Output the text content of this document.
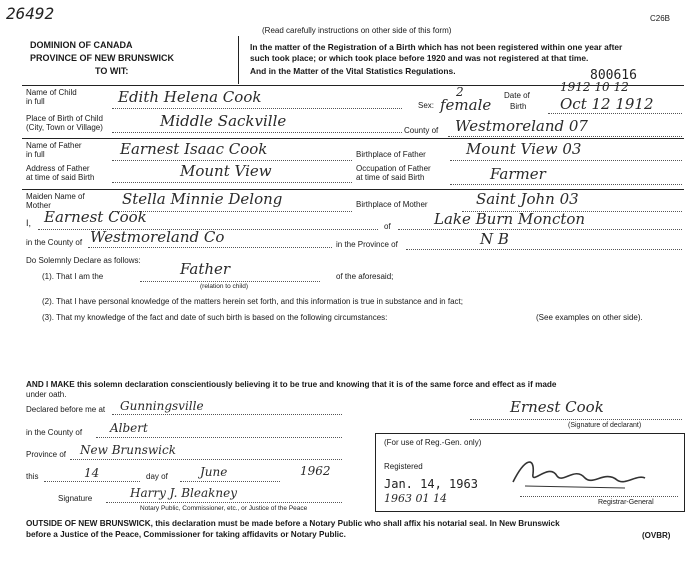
26492	C26B
DOMINION OF CANADA
PROVINCE OF NEW BRUNSWICK
TO WIT:
(Read carefully instructions on other side of this form)
In the matter of the Registration of a Birth which has not been registered within one year after
such took place; or which took place before 1920 and was not registered at that time.
And in the Matter of the Vital Statistics Regulations.	800616
Name of Child
in full	Edith Helena Cook	Sex:
2
female
Date of
Birth
1912 10 12
Oct 12 1912
Place of Birth of Child
(City, Town or Village)	Middle Sackville
County of Westmoreland 07
Name of Father
in full	Earnest Isaac Cook	Birthplace of Father	Mount View 03
Address of Father
at time of said Birth	Mount View	Occupation of Father
at time of said Birth	Farmer
Maiden Name of
Mother	Stella Minnie Delong	Birthplace of Mother	Saint John 03
I, Earnest Cook
of	Lake Burn Moncton
in the County of Westmoreland Co	in the Province of	N B
Do Solemnly Declare as follows:
(1). That I am the	Father
(relation to child)
of the aforesaid;
(2). That I have personal knowledge of the matters herein set forth, and this information is true in substance and in fact;
(3). That my knowledge of the fact and date of such birth is based on the following circumstances:	(See examples on other side).
AND I MAKE this solemn declaration conscientiously believing it to be true and knowing that it is of the same force and effect as if made
under oath.
Declared before me at Gunningsville	Ernest Cook
(Signature of declarant)
in the County of Albert
Province of New Brunswick
this	14	day of	June	1962
Signature	Harry J. Bleakney
Notary Public, Commissioner, etc., or Justice of the Peace
(For use of Reg.-Gen. only)
Registered
Jan. 14, 1963
1963 01 14	Registrar-General
OUTSIDE OF NEW BRUNSWICK, this declaration must be made before a Notary Public who shall affix his notarial seal. In New Brunswick
before a Justice of the Peace, Commissioner for taking affidavits or Notary Public.	(OVBR)
